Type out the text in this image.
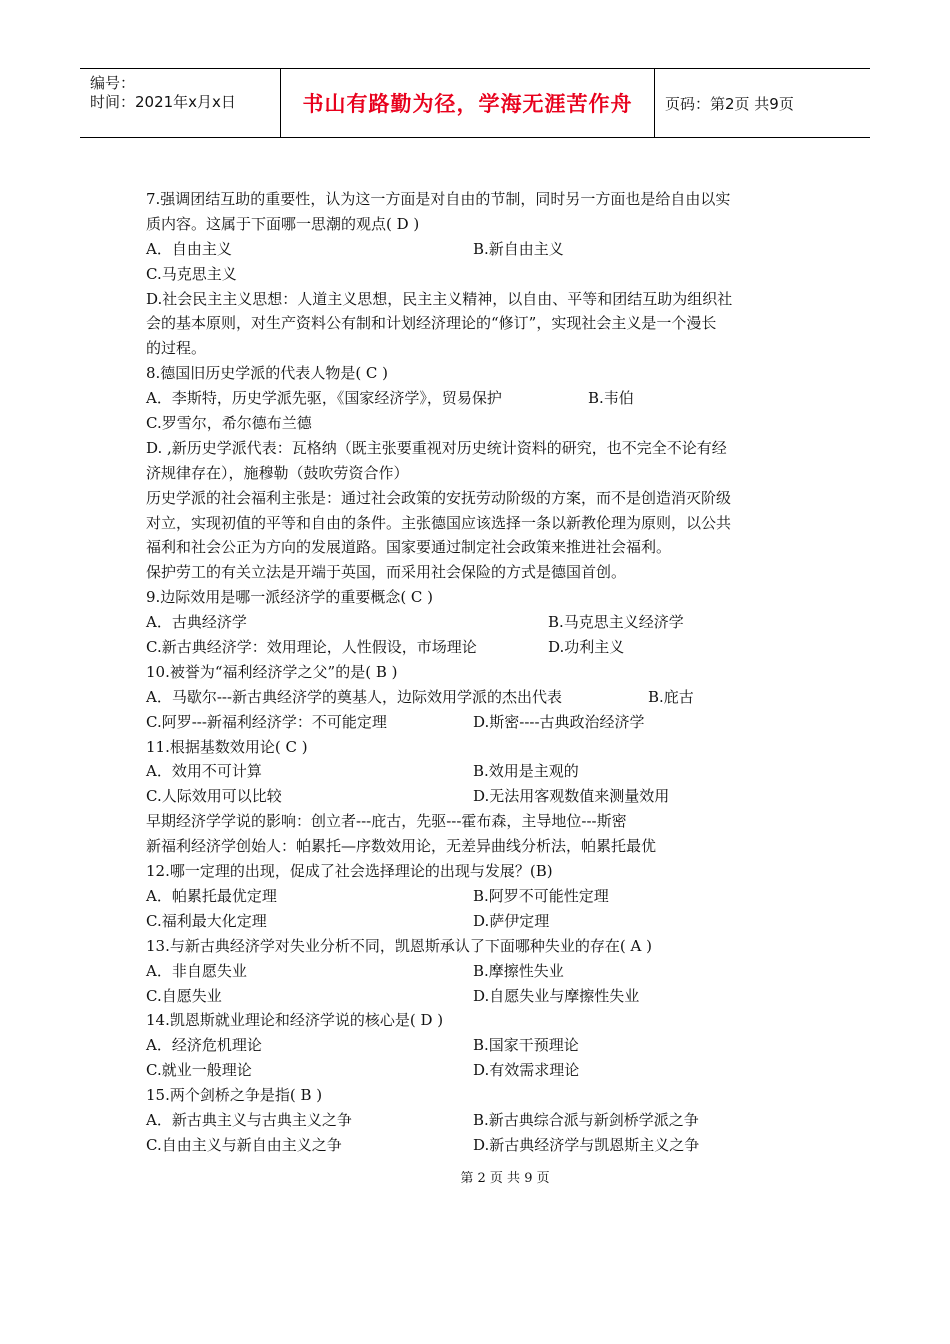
编号：
时间：2021年x月x日	书山有路勤为径，学海无涯苦作舟 页码：第2页 共9页
7.强调团结互助的重要性，认为这一方面是对自由的节制，同时另一方面也是给自由以实
质内容。这属于下面哪一思潮的观点( D )
A．自由主义	B.新自由主义
C.马克思主义
D.社会民主主义思想：人道主义思想，民主主义精神，以自由、平等和团结互助为组织社
会的基本原则，对生产资料公有制和计划经济理论的“修订”，实现社会主义是一个漫长
的过程。
8.德国旧历史学派的代表人物是( C )
A．李斯特，历史学派先驱，《国家经济学》，贸易保护	B.韦伯
C.罗雪尔，希尔德布兰德
D. ,新历史学派代表：瓦格纳（既主张要重视对历史统计资料的研究，也不完全不论有经
济规律存在），施穆勒（鼓吹劳资合作）
历史学派的社会福利主张是：通过社会政策的安抚劳动阶级的方案，而不是创造消灭阶级
对立，实现初值的平等和自由的条件。主张德国应该选择一条以新教伦理为原则，以公共
福利和社会公正为方向的发展道路。国家要通过制定社会政策来推进社会福利。
保护劳工的有关立法是开端于英国，而采用社会保险的方式是德国首创。
9.边际效用是哪一派经济学的重要概念( C )
A．古典经济学	B.马克思主义经济学
C.新古典经济学：效用理论，人性假设，市场理论	D.功利主义
10.被誉为“福利经济学之父”的是( B )
A．马歇尔---新古典经济学的奠基人，边际效用学派的杰出代表	B.庇古
C.阿罗---新福利经济学：不可能定理	D.斯密----古典政治经济学
11.根据基数效用论( C )
A．效用不可计算	B.效用是主观的
C.人际效用可以比较	D.无法用客观数值来测量效用
早期经济学学说的影响：创立者---庇古，先驱---霍布森，主导地位---斯密
新福利经济学创始人：帕累托—序数效用论，无差异曲线分析法，帕累托最优
12.哪一定理的出现，促成了社会选择理论的出现与发展？(B)
A．帕累托最优定理	B.阿罗不可能性定理
C.福利最大化定理	D.萨伊定理
13.与新古典经济学对失业分析不同，凯恩斯承认了下面哪种失业的存在( A )
A．非自愿失业	B.摩擦性失业
C.自愿失业	D.自愿失业与摩擦性失业
14.凯恩斯就业理论和经济学说的核心是( D )
A．经济危机理论	B.国家干预理论
C.就业一般理论	D.有效需求理论
15.两个剑桥之争是指( B )
A．新古典主义与古典主义之争	B.新古典综合派与新剑桥学派之争
C.自由主义与新自由主义之争	D.新古典经济学与凯恩斯主义之争
第 2 页 共 9 页
